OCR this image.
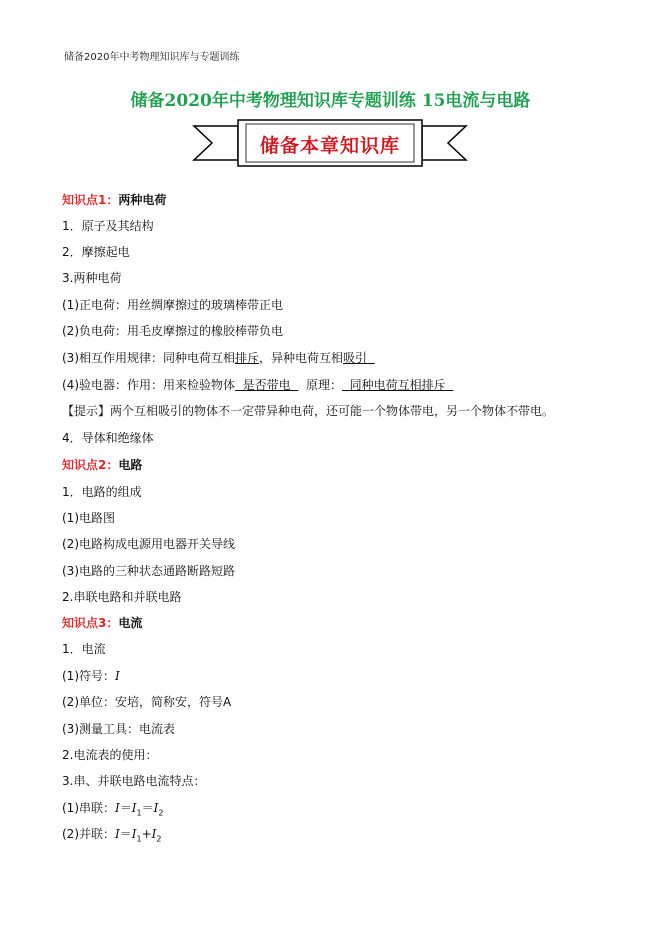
储备2020年中考物理知识库与专题训练
储备2020年中考物理知识库专题训练 15电流与电路
储备本章知识库
知识点1：两种电荷
1．原子及其结构
2．摩擦起电
3.两种电荷
(1)正电荷：用丝绸摩擦过的玻璃棒带正电
(2)负电荷：用毛皮摩擦过的橡胶棒带负电
(3)相互作用规律：同种电荷互相排斥，异种电荷互相吸引
(4)验电器：作用：用来检验物体 是否带电 原理： 同种电荷互相排斥
【提示】两个互相吸引的物体不一定带异种电荷，还可能一个物体带电，另一个物体不带电。
4．导体和绝缘体
知识点2：电路
1．电路的组成
(1)电路图
(2)电路构成电源用电器开关导线
(3)电路的三种状态通路断路短路
2.串联电路和并联电路
知识点3：电流
1．电流
(1)符号：I
(2)单位：安培，简称安，符号A
(3)测量工具：电流表
2.电流表的使用：
3.串、并联电路电流特点：
(1)串联：$I=I_1=I_2$
(2)并联：$I=I_1+I_2$
